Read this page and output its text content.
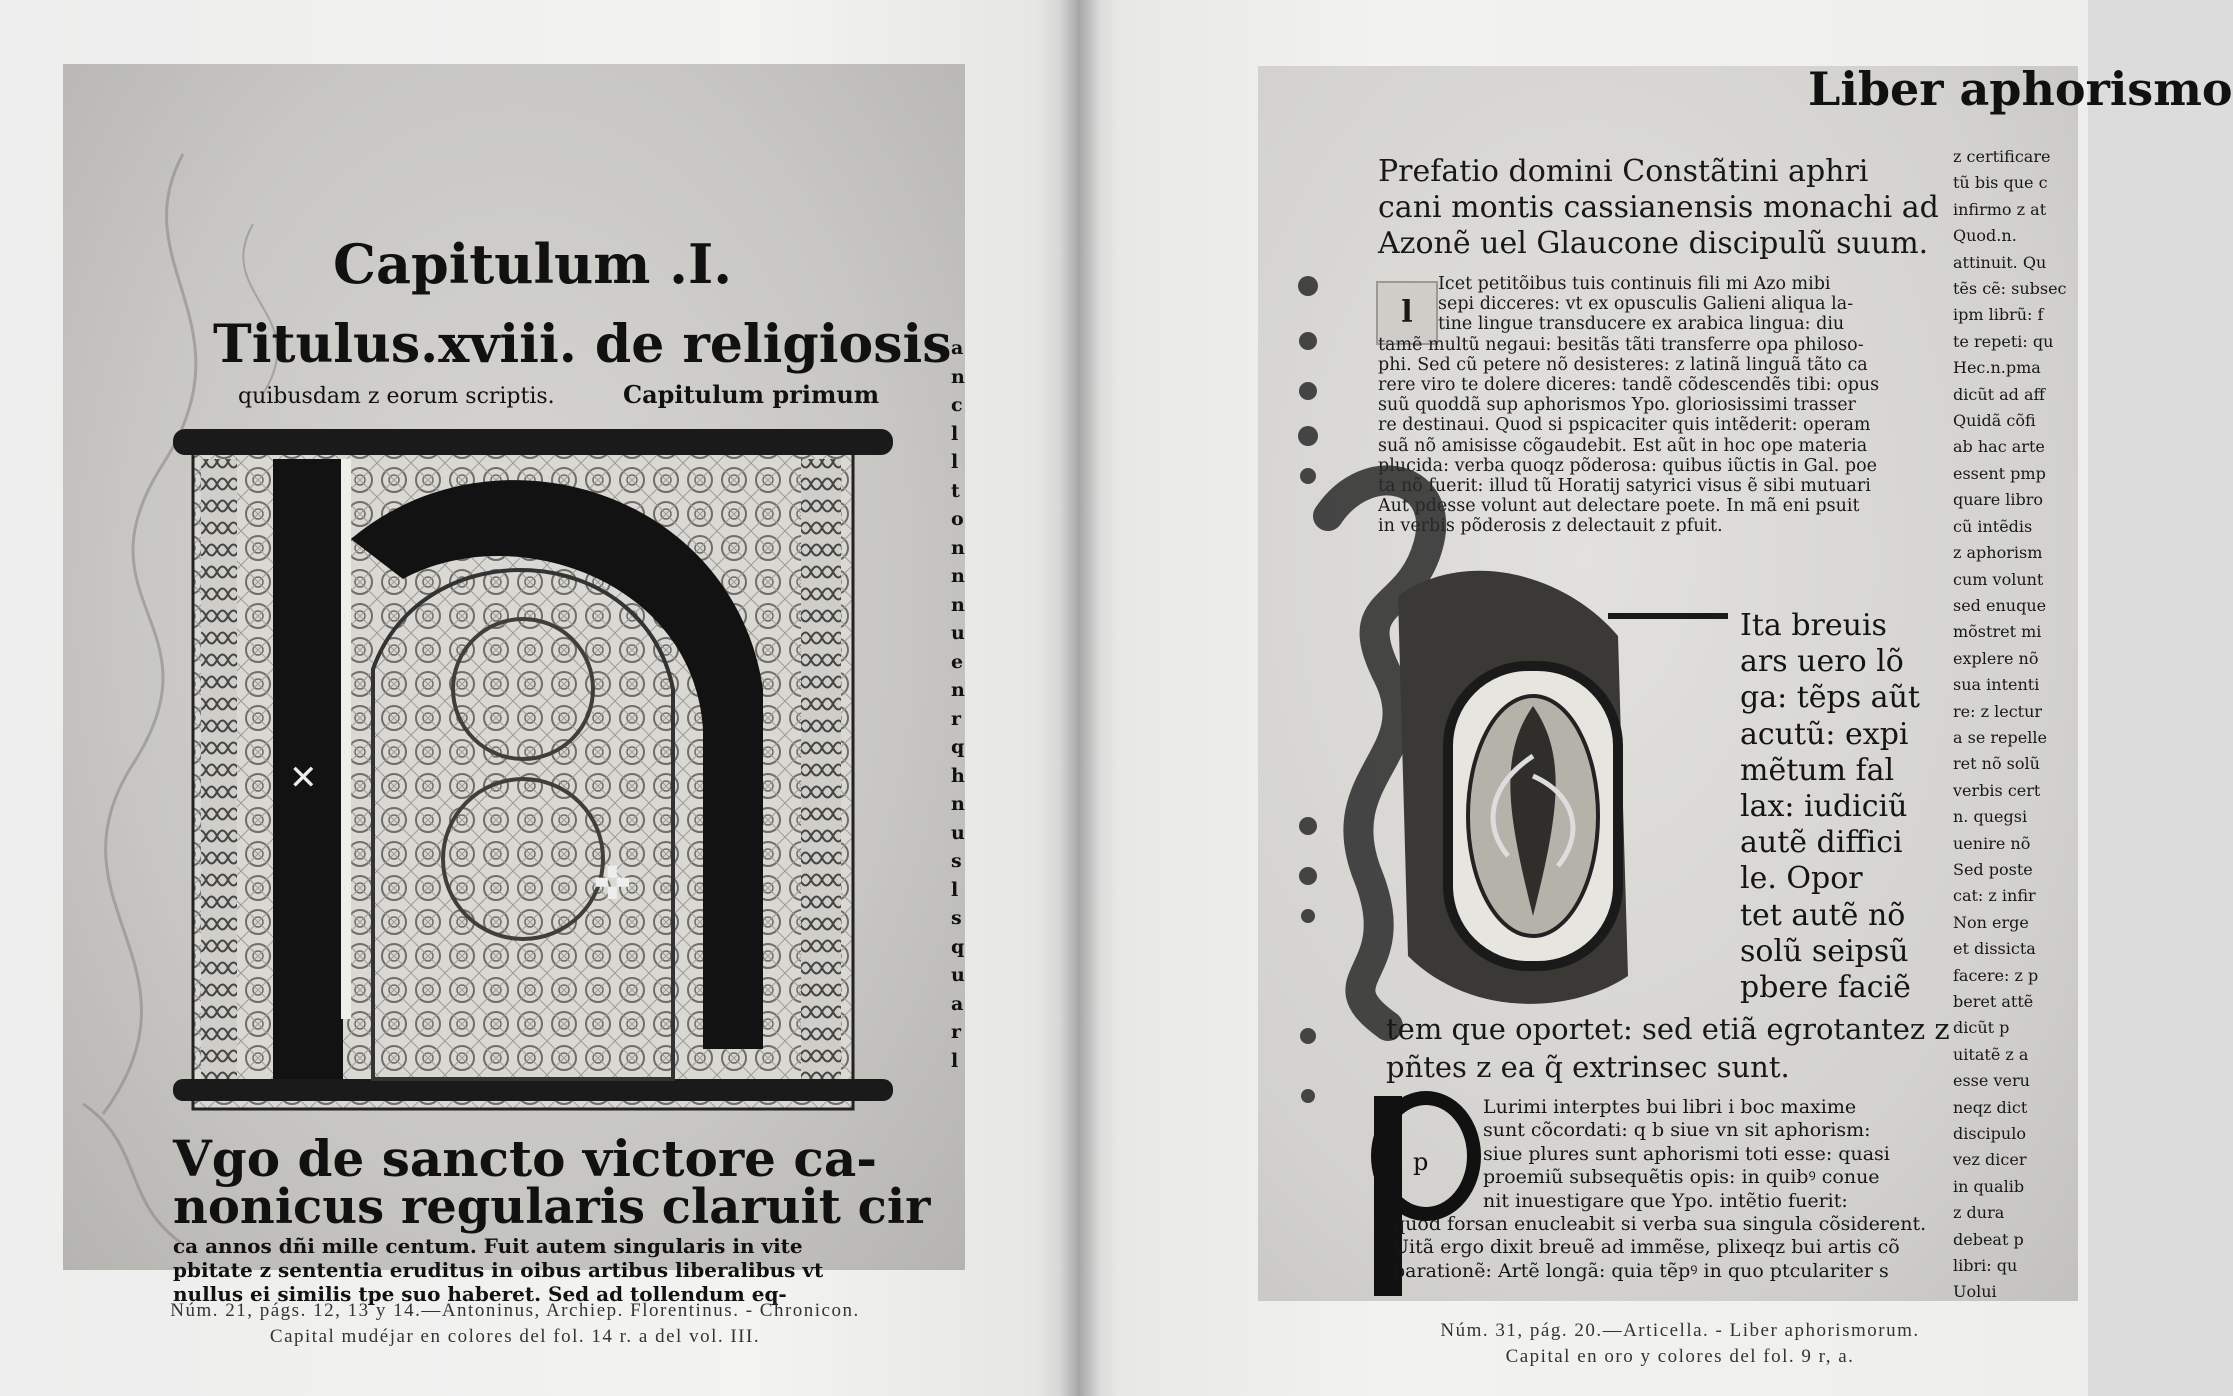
Capitulum .I.
Titulus.xviii. de religiosis
quibusdam z eorum scriptis.	Capitulum primum
✕
✜
Vgo de sancto victore ca-
nonicus regularis claruit cir
ca annos dñi mille centum. Fuit autem singularis in vite
pbitate z sententia eruditus in oibus artibus liberalibus vt
nullus ei similis tpe suo haberet. Sed ad tollendum eq-
a
n
c
l
l
t
o
n
n
n
u
e
n
r
q
h
n
u
s
l
s
q
u
a
r
l
Núm. 21, págs. 12, 13 y 14.—Antoninus, Archiep. Florentinus. - Chronicon.
Capital mudéjar en colores del fol. 14 r. a del vol. III.
Liber aphorismo
Prefatio domini Constãtini aphri
cani montis cassianensis monachi ad
Azonẽ uel Glaucone discipulũ suum.
l
Icet petitõibus tuis continuis fili mi Azo mibi
sepi dicceres: vt ex opusculis Galieni aliqua la-
tine lingue transducere ex arabica lingua: diu
tamẽ multũ negaui: besitãs tãti transferre opa philoso-
phi. Sed cũ petere nõ desisteres: z latinã linguã tãto ca
rere viro te dolere diceres: tandẽ cõdescendẽs tibi: opus
suũ quoddã sup aphorismos Ypo. gloriosissimi trasser
re destinaui. Quod si pspicaciter quis intẽderit: operam
suã nõ amisisse cõgaudebit. Est aũt in hoc ope materia
plucida: verba quoqz põderosa: quibus iũctis in Gal. poe
ta nõ fuerit: illud tũ Horatij satyrici visus ẽ sibi mutuari
Aut pdesse volunt aut delectare poete. In mã eni psuit
in verbis põderosis z delectauit z pfuit.
Ita breuis
ars uero lõ
ga: tẽps aũt
acutũ: expi
mẽtum fal
lax: iudiciũ
autẽ diffici
le. Opor
tet autẽ nõ
solũ seipsũ
pbere faciẽ
tem que oportet: sed etiã egrotantez z
pñtes z ea q̃ extrinsec sunt.
p
Lurimi interptes bui libri i boc maxime
sunt cõcordati: q b siue vn sit aphorism:
siue plures sunt aphorismi toti esse: quasi
proemiũ subsequẽtis opis: in quibꝰ conue
nit inuestigare que Ypo. intẽtio fuerit:
quod forsan enucleabit si verba sua singula cõsiderent.
Uitã ergo dixit breuẽ ad immẽse, plixeqz bui artis cõ
parationẽ: Artẽ longã: quia tẽpꝰ in quo ptculariter s
z certificare
tũ bis que c
infirmo z at
Quod.n.
attinuit. Qu
tẽs cẽ: subsec
ipm librũ: f
te repeti: qu
Hec.n.pma
dicũt ad aff
Quidã cõfi
ab hac arte
essent pmp
quare libro
cũ intẽdis
z aphorism
cum volunt
sed enuque
mõstret mi
explere nõ
sua intenti
re: z lectur
a se repelle
ret nõ solũ
verbis cert
n. quegsi
uenire nõ
Sed poste
cat: z infir
Non erge
et dissicta
facere: z p
beret attẽ
dicũt p
uitatẽ z a
esse veru
neqz dict
discipulo
vez dicer
in qualib
z dura
debeat p
libri: qu
Uolui
Núm. 31, pág. 20.—Articella. - Liber aphorismorum.
Capital en oro y colores del fol. 9 r, a.
